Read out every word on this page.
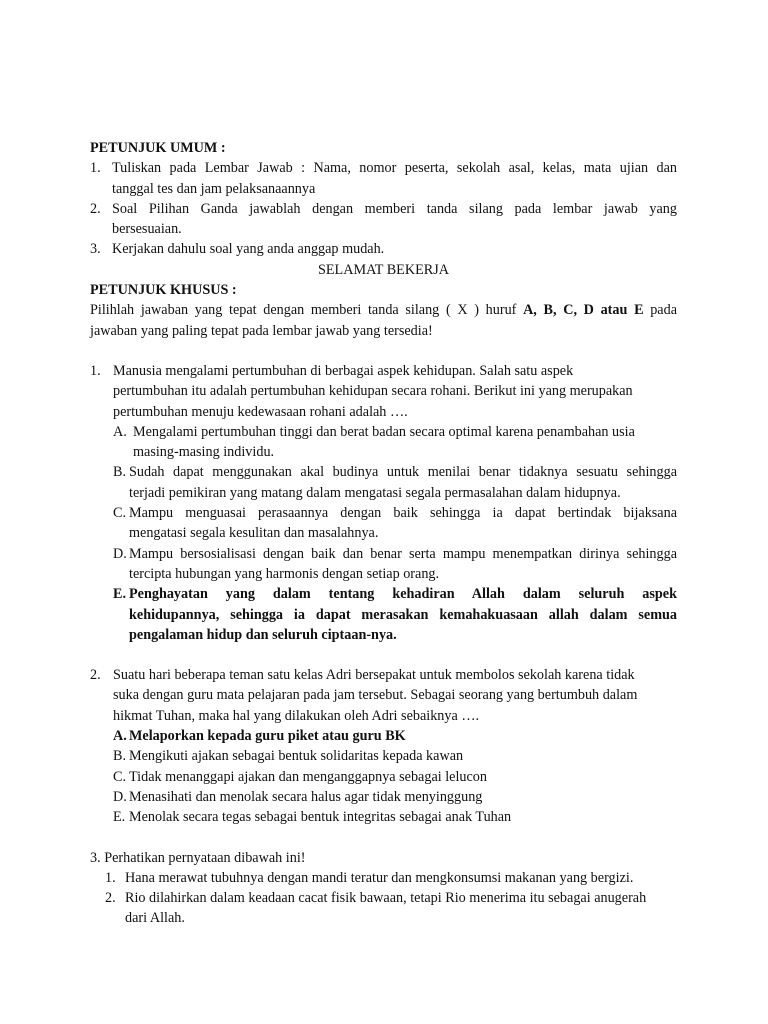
PETUNJUK UMUM :
1. Tuliskan pada Lembar Jawab : Nama, nomor peserta, sekolah asal, kelas, mata ujian dan
tanggal tes dan jam pelaksanaannya
2. Soal Pilihan Ganda jawablah dengan memberi tanda silang pada lembar jawab yang
bersesuaian.
3. Kerjakan dahulu soal yang anda anggap mudah.
SELAMAT BEKERJA
PETUNJUK KHUSUS :
Pilihlah jawaban yang tepat dengan memberi tanda silang ( X ) huruf A, B, C, D atau E pada
jawaban yang paling tepat pada lembar jawab yang tersedia!
1. Manusia mengalami pertumbuhan di berbagai aspek kehidupan. Salah satu aspek
pertumbuhan itu adalah pertumbuhan kehidupan secara rohani. Berikut ini yang merupakan
pertumbuhan menuju kedewasaan rohani adalah ….
A. Mengalami pertumbuhan tinggi dan berat badan secara optimal karena penambahan usia
masing-masing individu.
B. Sudah dapat menggunakan akal budinya untuk menilai benar tidaknya sesuatu sehingga
terjadi pemikiran yang matang dalam mengatasi segala permasalahan dalam hidupnya.
C. Mampu menguasai perasaannya dengan baik sehingga ia dapat bertindak bijaksana
mengatasi segala kesulitan dan masalahnya.
D. Mampu bersosialisasi dengan baik dan benar serta mampu menempatkan dirinya sehingga
tercipta hubungan yang harmonis dengan setiap orang.
E. Penghayatan yang dalam tentang kehadiran Allah dalam seluruh aspek
kehidupannya, sehingga ia dapat merasakan kemahakuasaan allah dalam semua
pengalaman hidup dan seluruh ciptaan-nya.
2. Suatu hari beberapa teman satu kelas Adri bersepakat untuk membolos sekolah karena tidak
suka dengan guru mata pelajaran pada jam tersebut. Sebagai seorang yang bertumbuh dalam
hikmat Tuhan, maka hal yang dilakukan oleh Adri sebaiknya ….
A. Melaporkan kepada guru piket atau guru BK
B. Mengikuti ajakan sebagai bentuk solidaritas kepada kawan
C. Tidak menanggapi ajakan dan menganggapnya sebagai lelucon
D. Menasihati dan menolak secara halus agar tidak menyinggung
E. Menolak secara tegas sebagai bentuk integritas sebagai anak Tuhan
3. Perhatikan pernyataan dibawah ini!
1. Hana merawat tubuhnya dengan mandi teratur dan mengkonsumsi makanan yang bergizi.
2. Rio dilahirkan dalam keadaan cacat fisik bawaan, tetapi Rio menerima itu sebagai anugerah
dari Allah.
